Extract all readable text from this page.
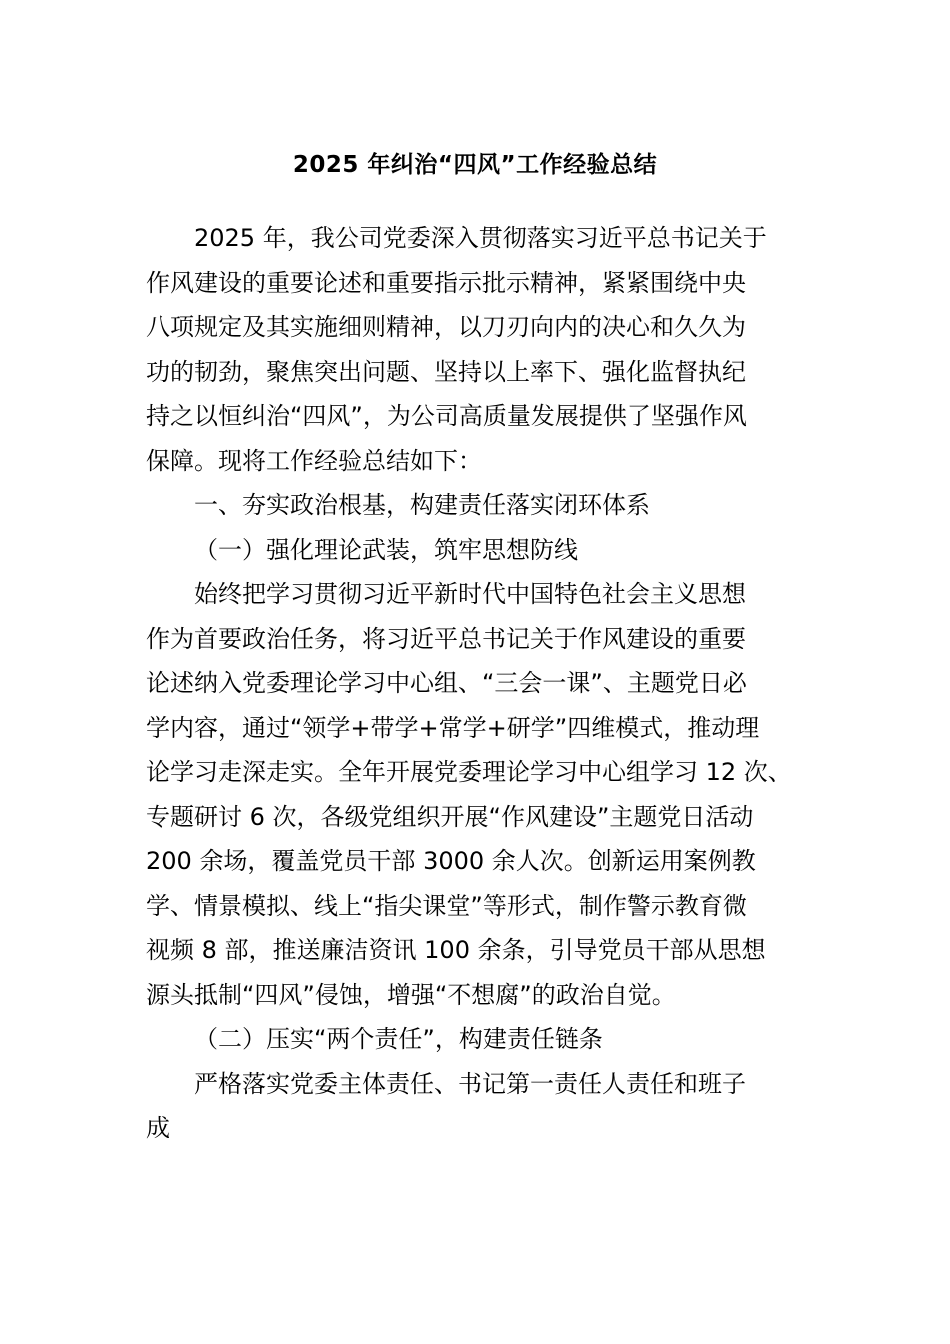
2025 年纠治“四风”工作经验总结

2025 年，我公司党委深入贯彻落实习近平总书记关于

作风建设的重要论述和重要指示批示精神，紧紧围绕中央

八项规定及其实施细则精神，以刀刃向内的决心和久久为

功的韧劲，聚焦突出问题、坚持以上率下、强化监督执纪

持之以恒纠治“四风”，为公司高质量发展提供了坚强作风

保障。现将工作经验总结如下：

一、夯实政治根基，构建责任落实闭环体系

（一）强化理论武装，筑牢思想防线

始终把学习贯彻习近平新时代中国特色社会主义思想

作为首要政治任务，将习近平总书记关于作风建设的重要

论述纳入党委理论学习中心组、“三会一课”、主题党日必

学内容，通过“领学+带学+常学+研学”四维模式，推动理

论学习走深走实。全年开展党委理论学习中心组学习 12 次、

专题研讨 6 次，各级党组织开展“作风建设”主题党日活动

200 余场，覆盖党员干部 3000 余人次。创新运用案例教

学、情景模拟、线上“指尖课堂”等形式，制作警示教育微

视频 8 部，推送廉洁资讯 100 余条，引导党员干部从思想

源头抵制“四风”侵蚀，增强“不想腐”的政治自觉。

（二）压实“两个责任”，构建责任链条

严格落实党委主体责任、书记第一责任人责任和班子

成
